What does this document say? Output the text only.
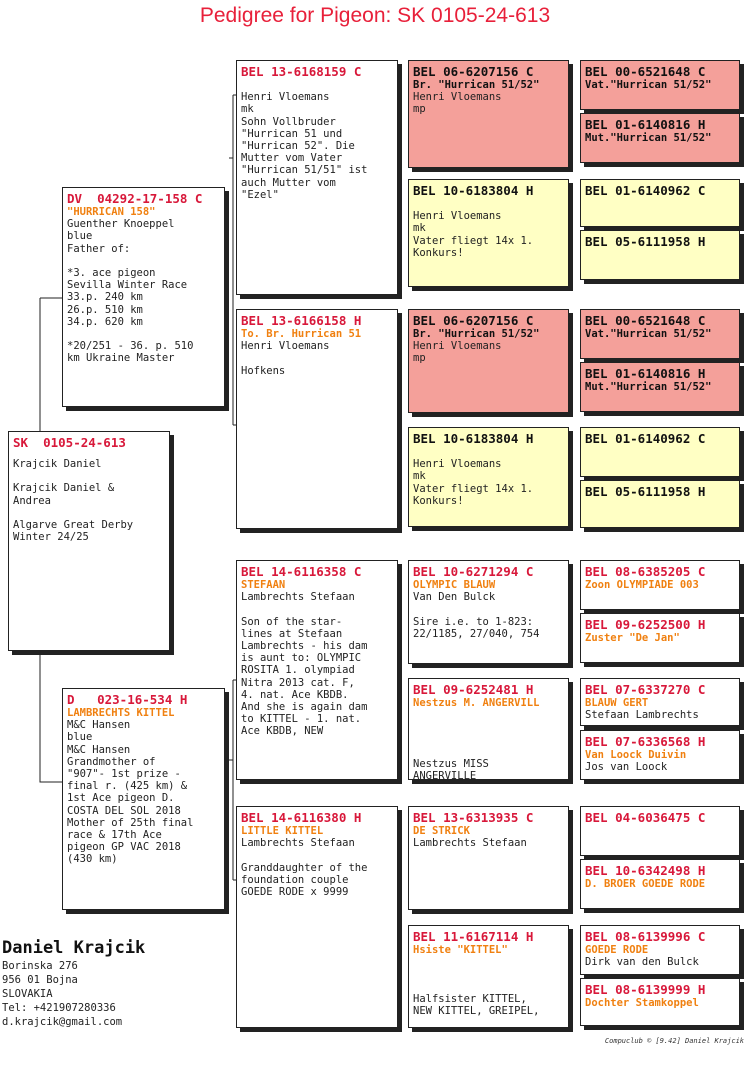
Pedigree for Pigeon: SK 0105-24-613
SK  0105-24-613
Krajcik Daniel
Krajcik Daniel &
Andrea
Algarve Great Derby
Winter 24/25
DV  04292-17-158 C
"HURRICAN 158"
Guenther Knoeppel
blue
Father of:
*3. ace pigeon
Sevilla Winter Race
33.p. 240 km
26.p. 510 km
34.p. 620 km
*20/251 - 36. p. 510
km Ukraine Master
D   023-16-534 H
LAMBRECHTS KITTEL
M&C Hansen
blue
M&C Hansen
Grandmother of
"907"- 1st prize -
final r. (425 km) &
1st Ace pigeon D.
COSTA DEL SOL 2018
Mother of 25th final
race & 17th Ace
pigeon GP VAC 2018
(430 km)
BEL 13-6168159 C
Henri Vloemans
mk
Sohn Vollbruder
"Hurrican 51 und
"Hurrican 52". Die
Mutter vom Vater
"Hurrican 51/51" ist
auch Mutter vom
"Ezel"
BEL 13-6166158 H
To. Br. Hurrican 51
Henri Vloemans
Hofkens
BEL 14-6116358 C
STEFAAN
Lambrechts Stefaan
Son of the star-
lines at Stefaan
Lambrechts - his dam
is aunt to: OLYMPIC
ROSITA 1. olympiad
Nitra 2013 cat. F,
4. nat. Ace KBDB.
And she is again dam
to KITTEL - 1. nat.
Ace KBDB, NEW
BEL 14-6116380 H
LITTLE KITTEL
Lambrechts Stefaan
Granddaughter of the
foundation couple
GOEDE RODE x 9999
BEL 06-6207156 C
Br. "Hurrican 51/52"
Henri Vloemans
mp
BEL 10-6183804 H
Henri Vloemans
mk
Vater fliegt 14x 1.
Konkurs!
BEL 06-6207156 C
Br. "Hurrican 51/52"
Henri Vloemans
mp
BEL 10-6183804 H
Henri Vloemans
mk
Vater fliegt 14x 1.
Konkurs!
BEL 10-6271294 C
OLYMPIC BLAUW
Van Den Bulck
Sire i.e. to 1-823:
22/1185, 27/040, 754
BEL 09-6252481 H
Nestzus M. ANGERVILL
Nestzus MISS
ANGERVILLE
BEL 13-6313935 C
DE STRICK
Lambrechts Stefaan
BEL 11-6167114 H
Hsiste "KITTEL"
Halfsister KITTEL,
NEW KITTEL, GREIPEL,
BEL 00-6521648 C
Vat."Hurrican 51/52"
BEL 01-6140816 H
Mut."Hurrican 51/52"
BEL 01-6140962 C
BEL 05-6111958 H
BEL 00-6521648 C
Vat."Hurrican 51/52"
BEL 01-6140816 H
Mut."Hurrican 51/52"
BEL 01-6140962 C
BEL 05-6111958 H
BEL 08-6385205 C
Zoon OLYMPIADE 003
BEL 09-6252500 H
Zuster "De Jan"
BEL 07-6337270 C
BLAUW GERT
Stefaan Lambrechts
BEL 07-6336568 H
Van Loock Duivin
Jos van Loock
BEL 04-6036475 C
BEL 10-6342498 H
D. BROER GOEDE RODE
BEL 08-6139996 C
GOEDE RODE
Dirk van den Bulck
BEL 08-6139999 H
Dochter Stamkoppel
Daniel Krajcik
Borinska 276
956 01 Bojna
SLOVAKIA
Tel: +421907280336
d.krajcik@gmail.com
Compuclub © [9.42] Daniel Krajcik
